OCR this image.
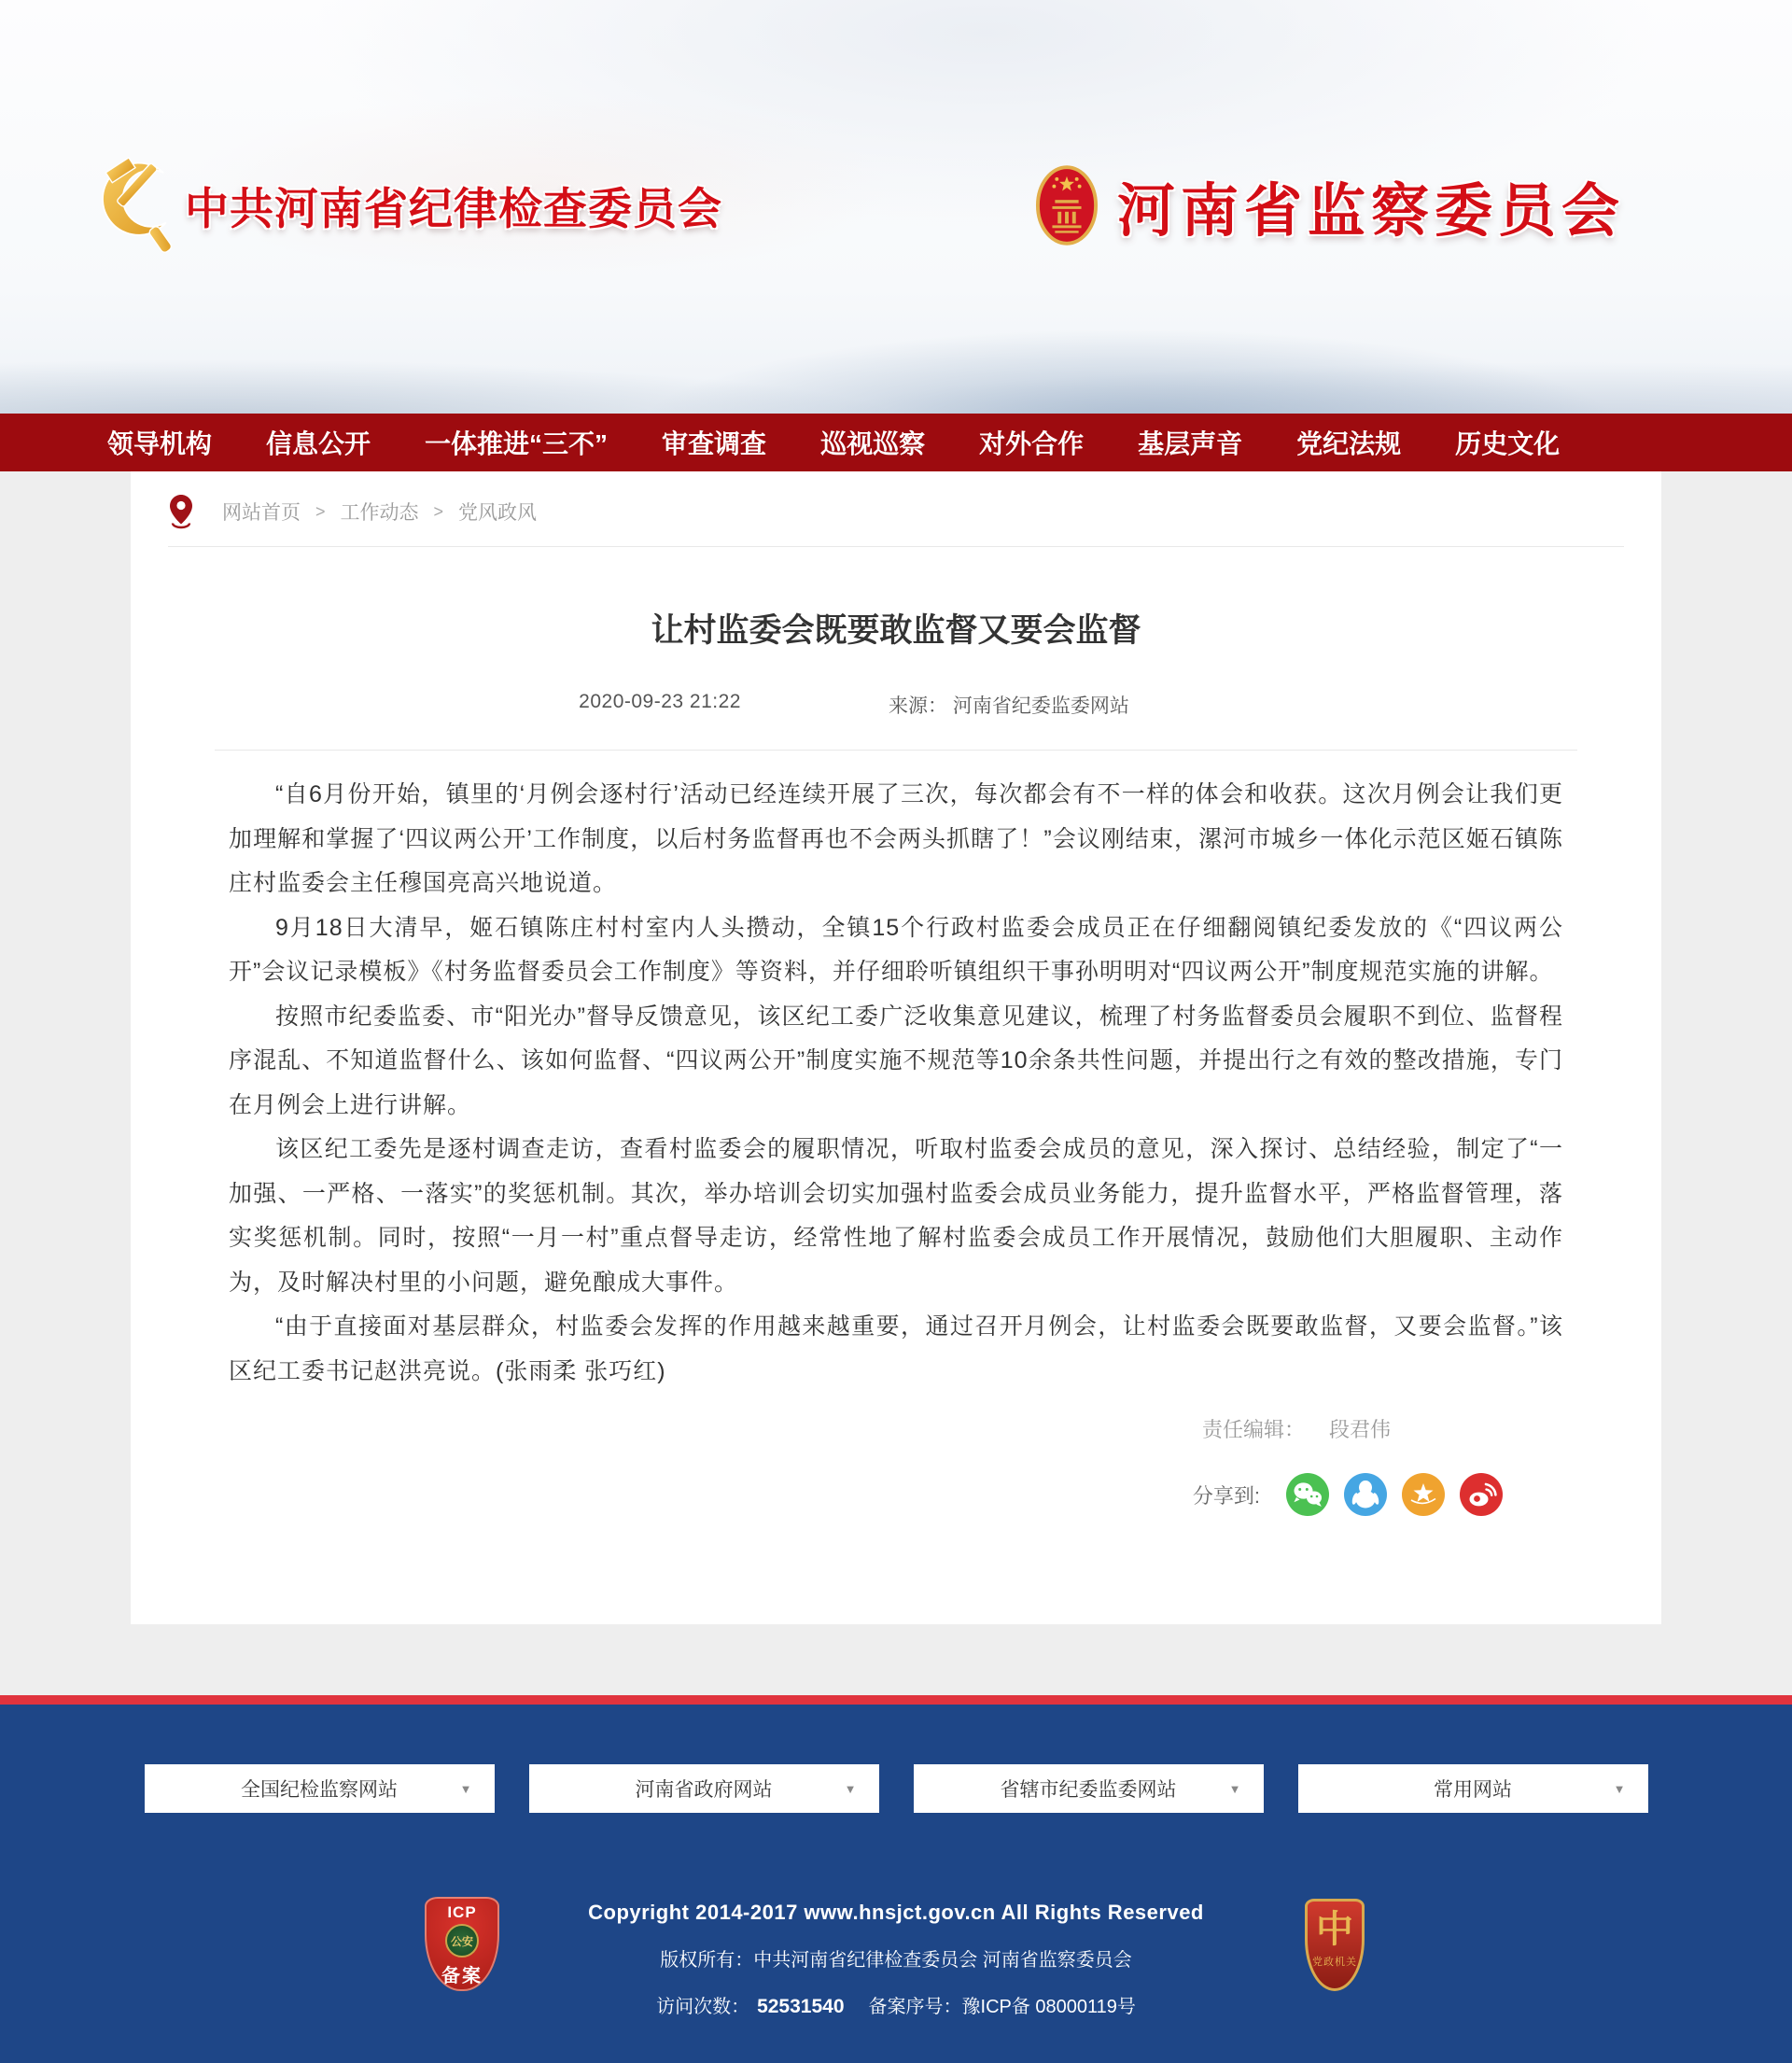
中共河南省纪律检查委员会	河南省监察委员会
领导机构 信息公开 一体推进“三不” 审查调查 巡视巡察 对外合作 基层声音 党纪法规 历史文化
网站首页 > 工作动态 > 党风政风
让村监委会既要敢监督又要会监督
2020-09-23 21:22	来源： 河南省纪委监委网站

“自6月份开始，镇里的‘月例会逐村行’活动已经连续开展了三次，每次都会有不一样的体会和收获。这次月例会让我们更加理解和掌握了‘四议两公开’工作制度，以后村务监督再也不会两头抓瞎了！”会议刚结束，漯河市城乡一体化示范区姬石镇陈庄村监委会主任穆国亮高兴地说道。

9月18日大清早，姬石镇陈庄村村室内人头攒动，全镇15个行政村监委会成员正在仔细翻阅镇纪委发放的《“四议两公开”会议记录模板》《村务监督委员会工作制度》等资料，并仔细聆听镇组织干事孙明明对“四议两公开”制度规范实施的讲解。

按照市纪委监委、市“阳光办”督导反馈意见，该区纪工委广泛收集意见建议，梳理了村务监督委员会履职不到位、监督程序混乱、不知道监督什么、该如何监督、“四议两公开”制度实施不规范等10余条共性问题，并提出行之有效的整改措施，专门在月例会上进行讲解。

该区纪工委先是逐村调查走访，查看村监委会的履职情况，听取村监委会成员的意见，深入探讨、总结经验，制定了“一加强、一严格、一落实”的奖惩机制。其次，举办培训会切实加强村监委会成员业务能力，提升监督水平，严格监督管理，落实奖惩机制。同时，按照“一月一村”重点督导走访，经常性地了解村监委会成员工作开展情况，鼓励他们大胆履职、主动作为，及时解决村里的小问题，避免酿成大事件。

“由于直接面对基层群众，村监委会发挥的作用越来越重要，通过召开月例会，让村监委会既要敢监督，又要会监督。”该区纪工委书记赵洪亮说。(张雨柔 张巧红)

责任编辑： 段君伟
分享到:
全国纪检监察网站 ▼	河南省政府网站 ▼	省辖市纪委监委网站 ▼	常用网站
▼
ICP
公安
备案
Copyright 2014-2017 www.hnsjct.gov.cn All Rights Reserved
版权所有：中共河南省纪律检查委员会 河南省监察委员会
访问次数： 52531540 备案序号：豫ICP备 08000119号
中
党政机关
